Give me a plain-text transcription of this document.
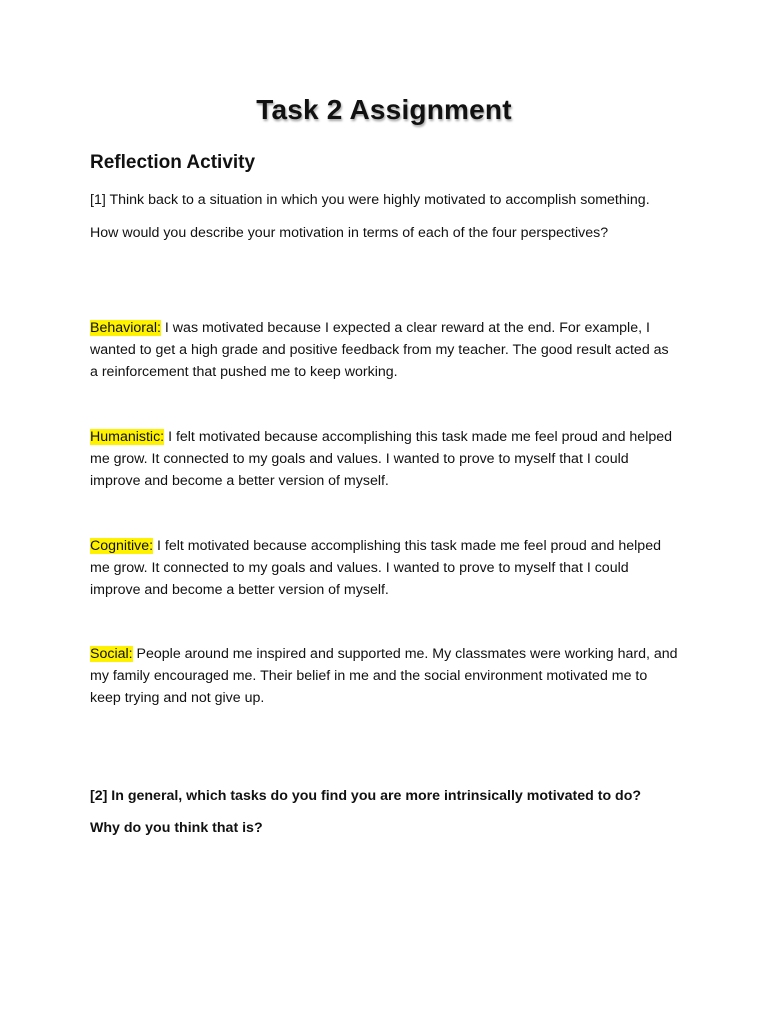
Task 2 Assignment
Reflection Activity

[1] Think back to a situation in which you were highly motivated to accomplish something.

How would you describe your motivation in terms of each of the four perspectives?

Behavioral: I was motivated because I expected a clear reward at the end. For example, I wanted to get a high grade and positive feedback from my teacher. The good result acted as a reinforcement that pushed me to keep working.

Humanistic: I felt motivated because accomplishing this task made me feel proud and helped me grow. It connected to my goals and values. I wanted to prove to myself that I could improve and become a better version of myself.

Cognitive: I felt motivated because accomplishing this task made me feel proud and helped me grow. It connected to my goals and values. I wanted to prove to myself that I could improve and become a better version of myself.

Social: People around me inspired and supported me. My classmates were working hard, and my family encouraged me. Their belief in me and the social environment motivated me to keep trying and not give up.

[2] In general, which tasks do you find you are more intrinsically motivated to do?

Why do you think that is?
